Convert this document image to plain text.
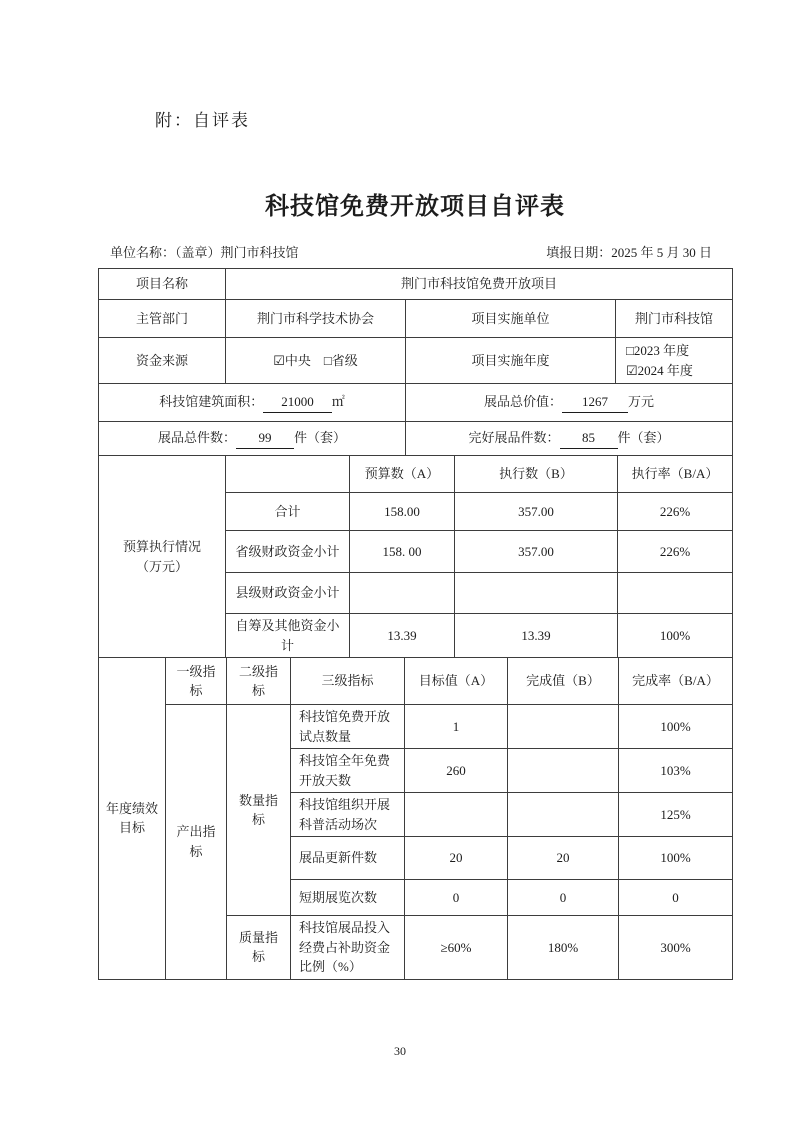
附：自评表
科技馆免费开放项目自评表
单位名称：（盖章）荆门市科技馆	填报日期：2025 年 5 月 30 日
项目名称	荆门市科技馆免费开放项目		
主管部门	荆门市科学技术协会	项目实施单位	荆门市科技馆
资金来源	☑中央　□省级	项目实施年度	□2023 年度
☑2024 年度

科技馆建筑面积： 21000 ㎡		展品总价值： 1267 万元	
展品总件数： 99 件（套）		完好展品件数： 85 件（套）	
预算执行情况
（万元）		预算数（A）	执行数（B）	执行率（B/A）
	合计	158.00	357.00	226%
	省级财政资金小计	158. 00	357.00	226%
	县级财政资金小计			
	自筹及其他资金小计	13.39	13.39	100%
年度绩效目标	一级指标	二级指标	三级指标	目标值（A）	完成值（B）	完成率（B/A）
	产出指标	数量指标	科技馆免费开放试点数量	1		100%
			科技馆全年免费开放天数	260		103%
			科技馆组织开展科普活动场次			125%
			展品更新件数	20	20	100%
			短期展览次数	0	0	0
		质量指标	科技馆展品投入经费占补助资金比例（%）	≥60%	180%	300%
30
